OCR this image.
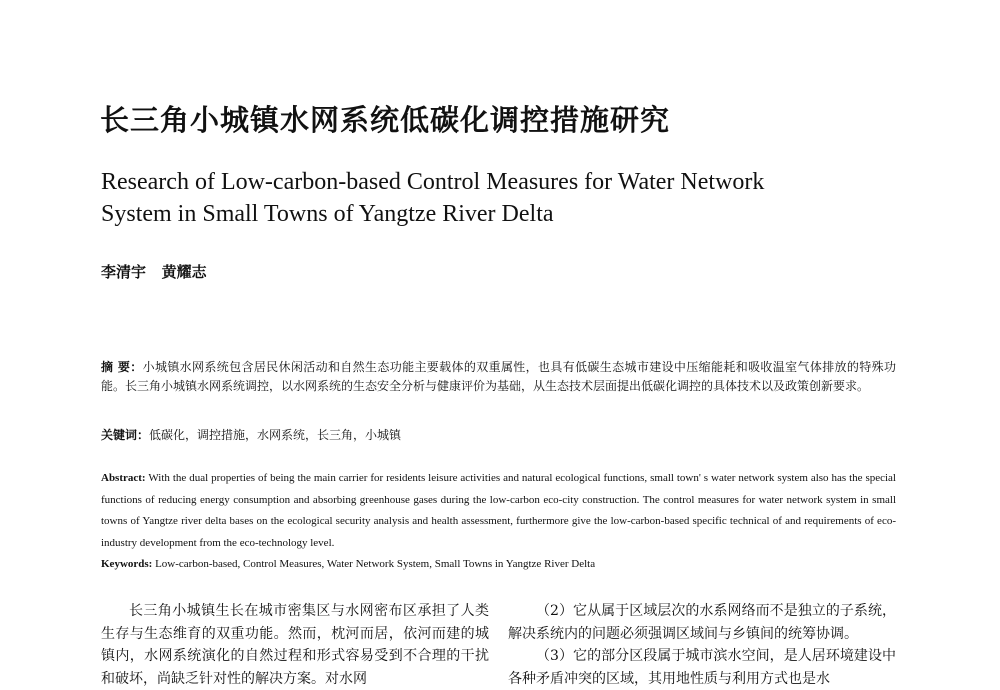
长三角小城镇水网系统低碳化调控措施研究
Research of Low-carbon-based Control Measures for Water Network
System in Small Towns of Yangtze River Delta
李清宇   黄耀志
摘 要：小城镇水网系统包含居民休闲活动和自然生态功能主要载体的双重属性，也具有低碳生态城市建设中压缩能耗和吸收温室气体排放的特殊功能。长三角小城镇水网系统调控，以水网系统的生态安全分析与健康评价为基础，从生态技术层面提出低碳化调控的具体技术以及政策创新要求。
关键词：低碳化，调控措施，水网系统，长三角，小城镇
Abstract: With the dual properties of being the main carrier for residents leisure activities and natural ecological functions, small town' s water network system also has the special functions of reducing energy consumption and absorbing greenhouse gases during the low-carbon eco-city construction. The control measures for water network system in small towns of Yangtze river delta bases on the ecological security analysis and health assessment, furthermore give the low-carbon-based specific technical of and requirements of eco-industry development from the eco-technology level.
Keywords: Low-carbon-based, Control Measures, Water Network System, Small Towns in Yangtze River Delta

长三角小城镇生长在城市密集区与水网密布区承担了人类生存与生态维育的双重功能。然而，枕河而居，依河而建的城镇内，水网系统演化的自然过程和形式容易受到不合理的干扰和破坏，尚缺乏针对性的解决方案。对水网

（2）它从属于区域层次的水系网络而不是独立的子系统，解决系统内的问题必须强调区域间与乡镇间的统筹协调。

（3）它的部分区段属于城市滨水空间，是人居环境建设中各种矛盾冲突的区域，其用地性质与利用方式也是水
